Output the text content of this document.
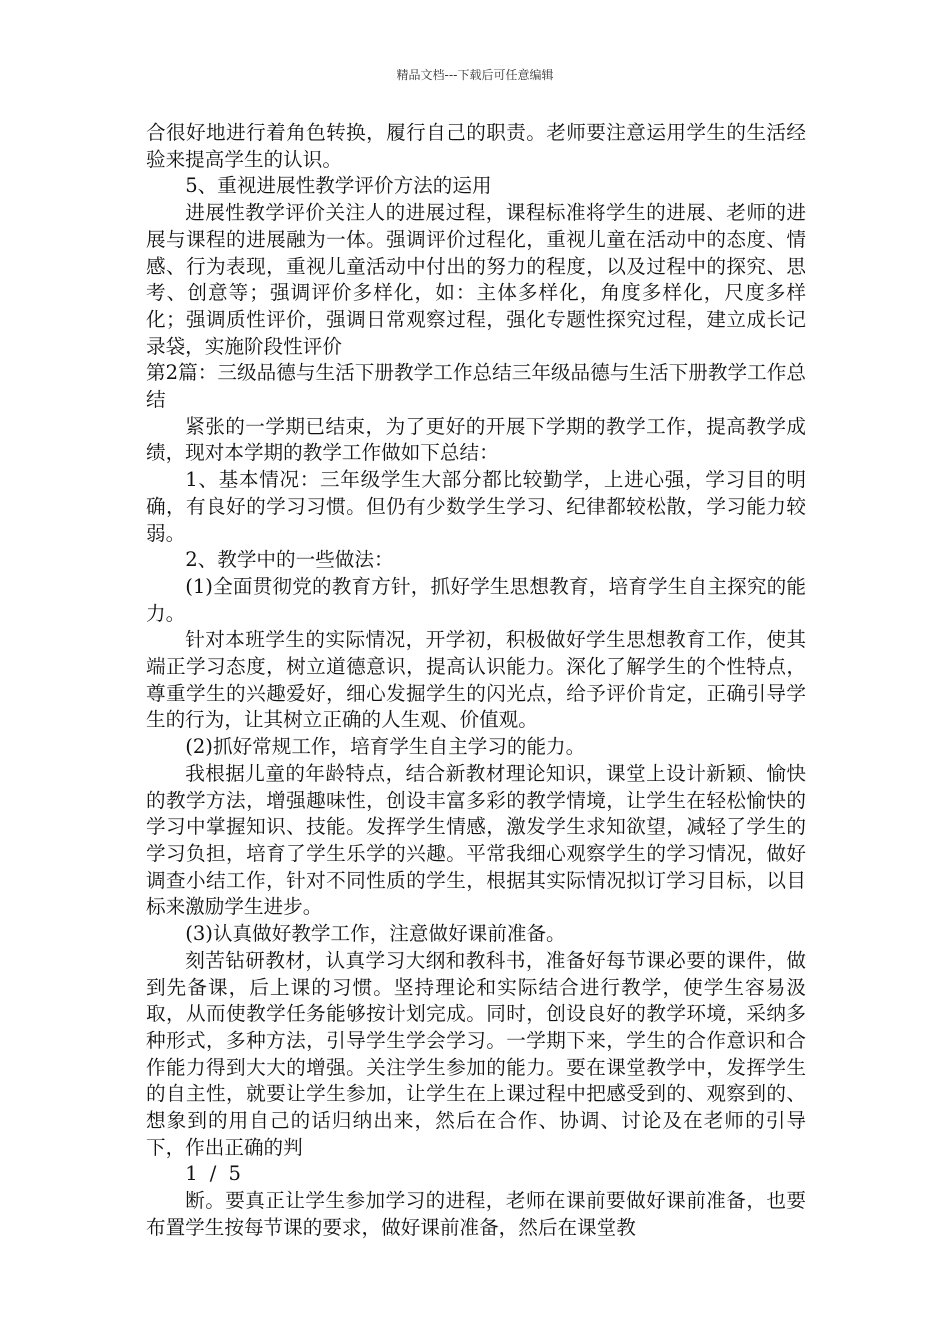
精品文档---下载后可任意编辑

合很好地进行着角色转换，履行自己的职责。老师要注意运用学生的生活经验来提高学生的认识。

5、重视进展性教学评价方法的运用

进展性教学评价关注人的进展过程，课程标准将学生的进展、老师的进展与课程的进展融为一体。强调评价过程化，重视儿童在活动中的态度、情感、行为表现，重视儿童活动中付出的努力的程度，以及过程中的探究、思考、创意等；强调评价多样化，如：主体多样化，角度多样化，尺度多样化；强调质性评价，强调日常观察过程，强化专题性探究过程，建立成长记录袋，实施阶段性评价

第2篇：三级品德与生活下册教学工作总结三年级品德与生活下册教学工作总结

紧张的一学期已结束，为了更好的开展下学期的教学工作，提高教学成绩，现对本学期的教学工作做如下总结：

1、基本情况：三年级学生大部分都比较勤学，上进心强，学习目的明确，有良好的学习习惯。但仍有少数学生学习、纪律都较松散，学习能力较弱。

2、教学中的一些做法：

(1)全面贯彻党的教育方针，抓好学生思想教育，培育学生自主探究的能力。

针对本班学生的实际情况，开学初，积极做好学生思想教育工作，使其端正学习态度，树立道德意识，提高认识能力。深化了解学生的个性特点，尊重学生的兴趣爱好，细心发掘学生的闪光点，给予评价肯定，正确引导学生的行为，让其树立正确的人生观、价值观。

(2)抓好常规工作，培育学生自主学习的能力。

我根据儿童的年龄特点，结合新教材理论知识，课堂上设计新颖、愉快的教学方法，增强趣味性，创设丰富多彩的教学情境，让学生在轻松愉快的学习中掌握知识、技能。发挥学生情感，激发学生求知欲望，减轻了学生的学习负担，培育了学生乐学的兴趣。平常我细心观察学生的学习情况，做好调查小结工作，针对不同性质的学生，根据其实际情况拟订学习目标，以目标来激励学生进步。

(3)认真做好教学工作，注意做好课前准备。

刻苦钻研教材，认真学习大纲和教科书，准备好每节课必要的课件，做到先备课，后上课的习惯。坚持理论和实际结合进行教学，使学生容易汲取，从而使教学任务能够按计划完成。同时，创设良好的教学环境，采纳多种形式，多种方法，引导学生学会学习。一学期下来，学生的合作意识和合作能力得到大大的增强。关注学生参加的能力。要在课堂教学中，发挥学生的自主性，就要让学生参加，让学生在上课过程中把感受到的、观察到的、想象到的用自己的话归纳出来，然后在合作、协调、讨论及在老师的引导下，作出正确的判

1 / 5

断。要真正让学生参加学习的进程，老师在课前要做好课前准备，也要布置学生按每节课的要求，做好课前准备，然后在课堂教
